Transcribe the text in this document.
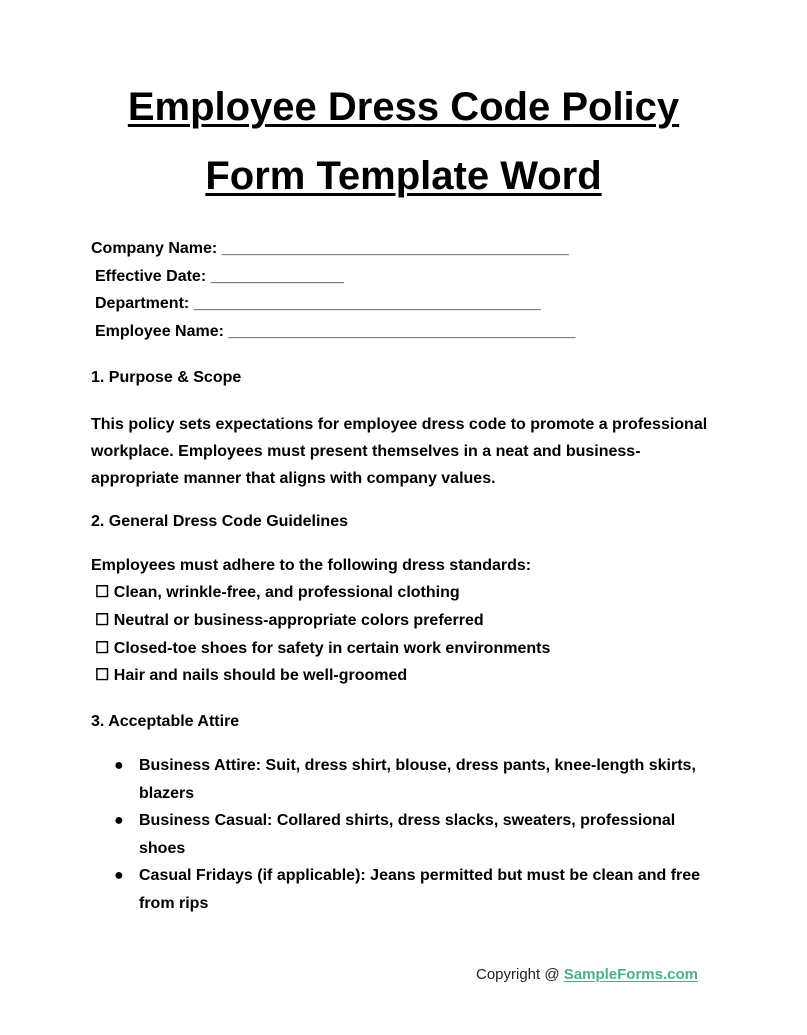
Employee Dress Code Policy
Form Template Word

Company Name: _______________________________________

Effective Date: _______________

Department: _______________________________________

Employee Name: _______________________________________

1. Purpose & Scope

This policy sets expectations for employee dress code to promote a professional workplace. Employees must present themselves in a neat and business-appropriate manner that aligns with company values.

2. General Dress Code Guidelines

Employees must adhere to the following dress standards:

☐ Clean, wrinkle-free, and professional clothing

☐ Neutral or business-appropriate colors preferred

☐ Closed-toe shoes for safety in certain work environments

☐ Hair and nails should be well-groomed

3. Acceptable Attire

● Business Attire: Suit, dress shirt, blouse, dress pants, knee-length skirts, blazers
● Business Casual: Collared shirts, dress slacks, sweaters, professional shoes
● Casual Fridays (if applicable): Jeans permitted but must be clean and free from rips
Copyright @ SampleForms.com
